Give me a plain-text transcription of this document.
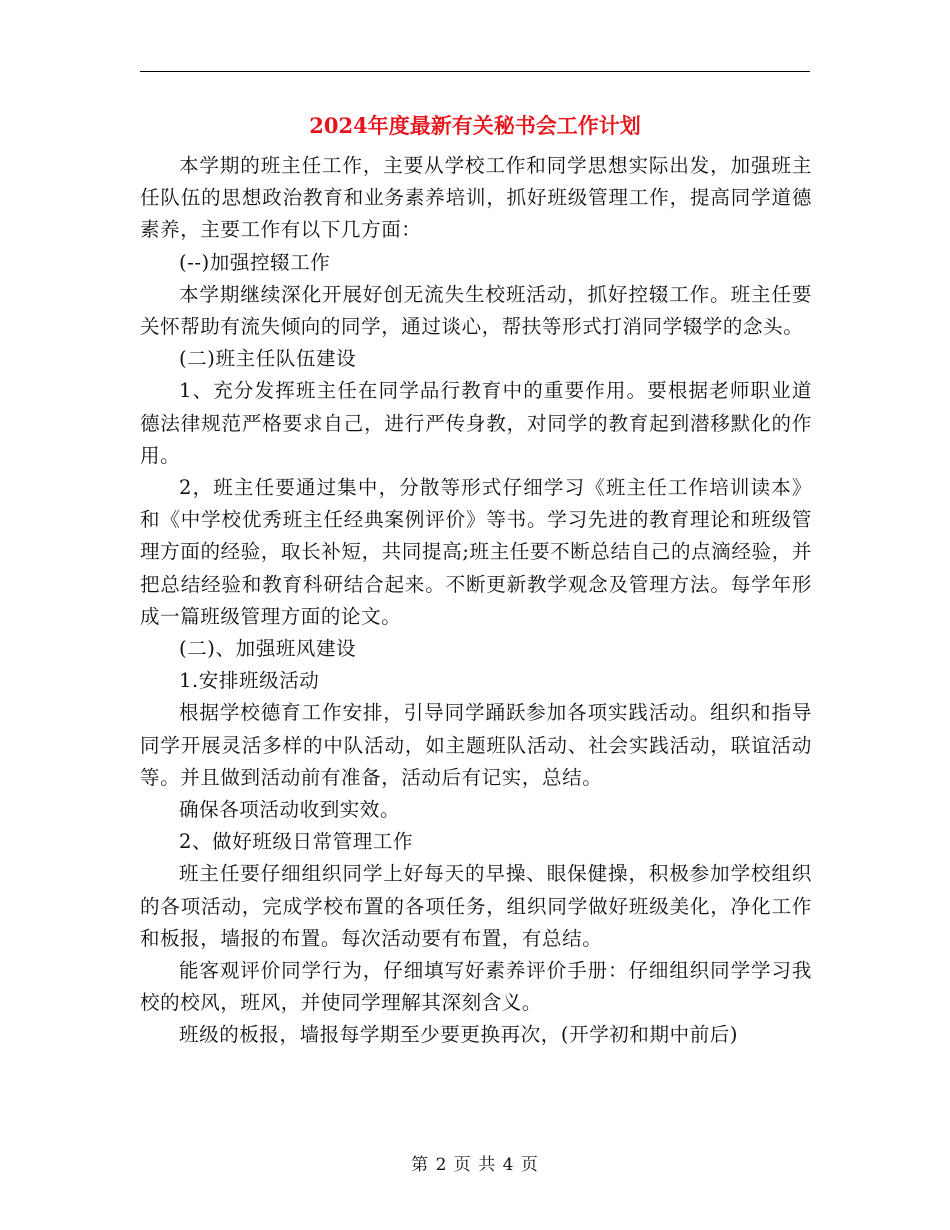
2024年度最新有关秘书会工作计划

本学期的班主任工作，主要从学校工作和同学思想实际出发，加强班主任队伍的思想政治教育和业务素养培训，抓好班级管理工作，提高同学道德素养，主要工作有以下几方面：

(--)加强控辍工作

本学期继续深化开展好创无流失生校班活动，抓好控辍工作。班主任要关怀帮助有流失倾向的同学，通过谈心，帮扶等形式打消同学辍学的念头。

(二)班主任队伍建设

1、充分发挥班主任在同学品行教育中的重要作用。要根据老师职业道德法律规范严格要求自己，进行严传身教，对同学的教育起到潜移默化的作用。

2，班主任要通过集中，分散等形式仔细学习《班主任工作培训读本》和《中学校优秀班主任经典案例评价》等书。学习先进的教育理论和班级管理方面的经验，取长补短，共同提高;班主任要不断总结自己的点滴经验，并把总结经验和教育科研结合起来。不断更新教学观念及管理方法。每学年形成一篇班级管理方面的论文。

(二)、加强班风建设

1.安排班级活动

根据学校德育工作安排，引导同学踊跃参加各项实践活动。组织和指导同学开展灵活多样的中队活动，如主题班队活动、社会实践活动，联谊活动等。并且做到活动前有准备，活动后有记实，总结。

确保各项活动收到实效。

2、做好班级日常管理工作

班主任要仔细组织同学上好每天的早操、眼保健操，积极参加学校组织的各项活动，完成学校布置的各项任务，组织同学做好班级美化，净化工作和板报，墙报的布置。每次活动要有布置，有总结。

能客观评价同学行为，仔细填写好素养评价手册：仔细组织同学学习我校的校风，班风，并使同学理解其深刻含义。

班级的板报，墙报每学期至少要更换再次，(开学初和期中前后)

第 2 页 共 4 页
